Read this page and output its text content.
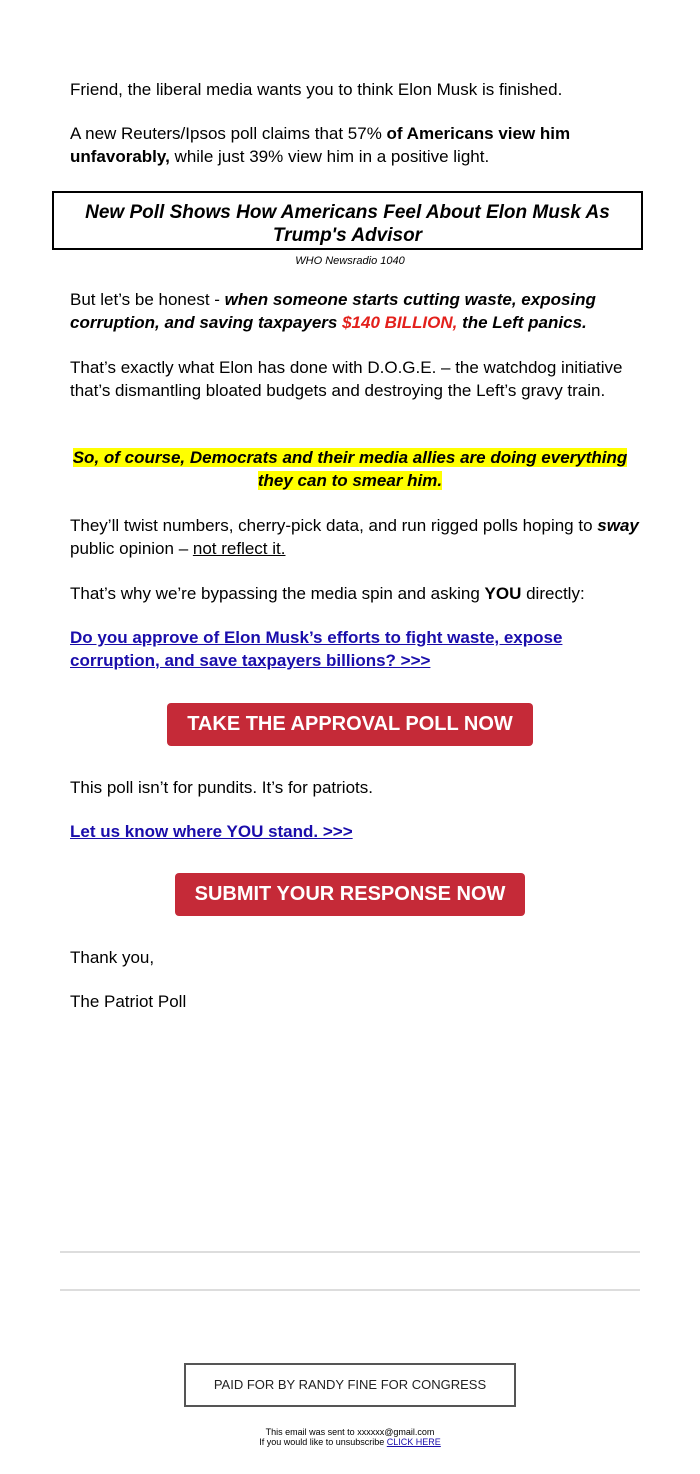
Friend, the liberal media wants you to think Elon Musk is finished.

A new Reuters/Ipsos poll claims that 57% of Americans view him unfavorably, while just 39% view him in a positive light.

New Poll Shows How Americans Feel About Elon Musk As Trump's Advisor
WHO Newsradio 1040

But let’s be honest - when someone starts cutting waste, exposing corruption, and saving taxpayers $140 BILLION, the Left panics.

That’s exactly what Elon has done with D.O.G.E. – the watchdog initiative that’s dismantling bloated budgets and destroying the Left’s gravy train.

So, of course, Democrats and their media allies are doing everything they can to smear him.

They’ll twist numbers, cherry-pick data, and run rigged polls hoping to sway public opinion – not reflect it.

That’s why we’re bypassing the media spin and asking YOU directly:

Do you approve of Elon Musk’s efforts to fight waste, expose corruption, and save taxpayers billions? >>>

TAKE THE APPROVAL POLL NOW

This poll isn’t for pundits. It’s for patriots.

Let us know where YOU stand. >>>

SUBMIT YOUR RESPONSE NOW

Thank you,

The Patriot Poll

PAID FOR BY RANDY FINE FOR CONGRESS
This email was sent to xxxxxx@gmail.com
If you would like to unsubscribe CLICK HERE
